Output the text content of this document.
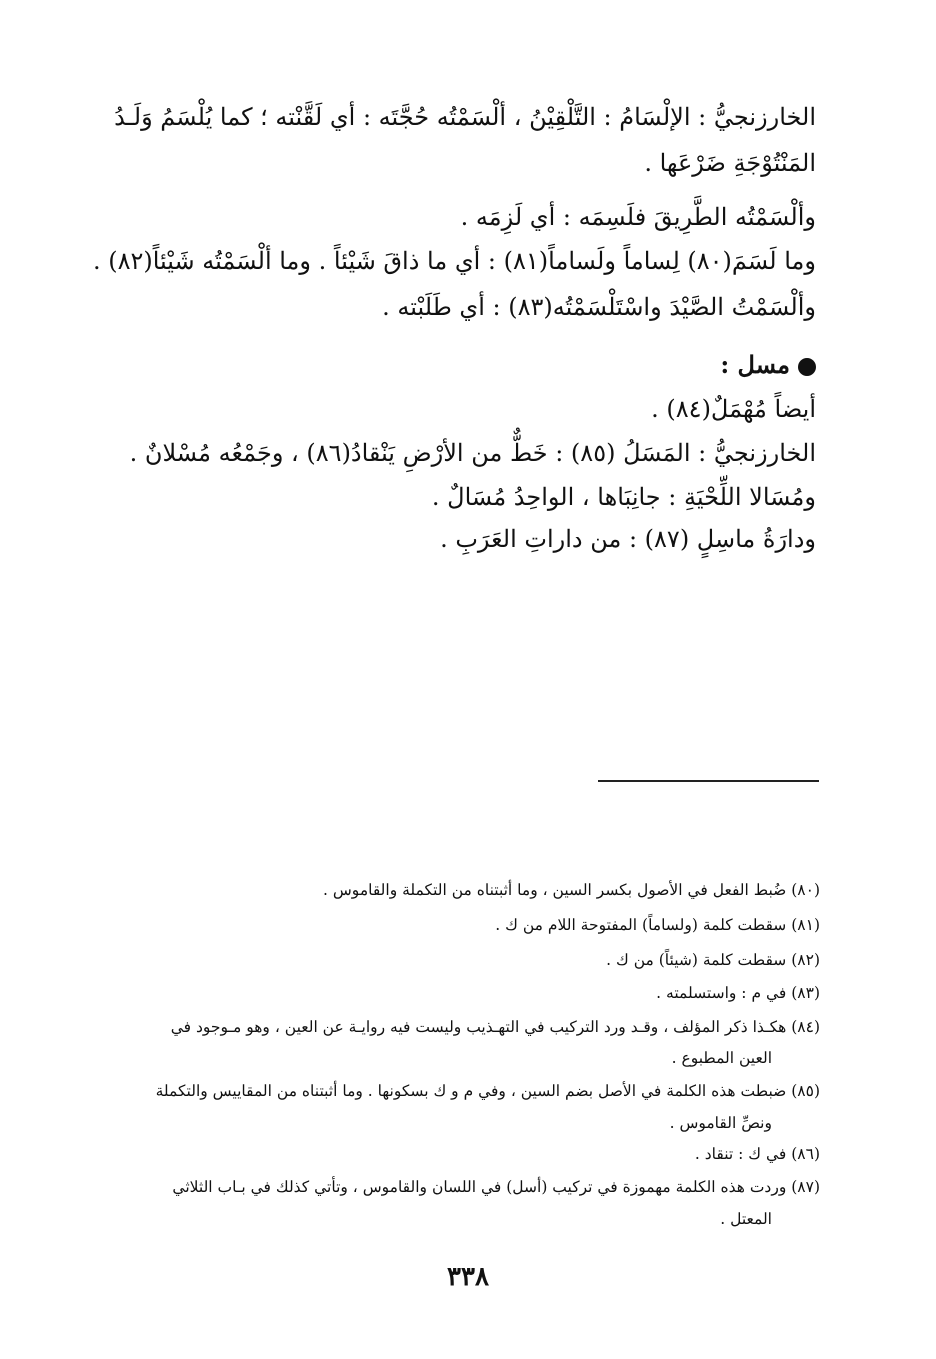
الخارزنجيُّ : الإلْسَامُ : التَّلْقِيْنُ ، ألْسَمْتُه حُجَّتَه : أي لَقَّنْته ؛ كما يُلْسَمُ وَلَـدُ
المَنْتُوْجَةِ ضَرْعَها .
وألْسَمْتُه الطَّرِيقَ فلَسِمَه : أي لَزِمَه .
وما لَسَمَ(٨٠) لِساماً ولَساماً(٨١) : أي ما ذاقَ شَيْئاً . وما ألْسَمْتُه شَيْئاً(٨٢) .
وألْسَمْتُ الصَّيْدَ واسْتَلْسَمْتُه(٨٣) : أي طَلَبْته .
مسل :
أيضاً مُهْمَلٌ(٨٤) .
الخارزنجيُّ : المَسَلُ (٨٥) : خَطٌّ من الأرْضِ يَنْقادُ(٨٦) ، وجَمْعُه مُسْلانٌ .
ومُسَالا اللِّحْيَةِ : جانِبَاها ، الواحِدُ مُسَالٌ .
ودارَةُ ماسِلٍ (٨٧) : من داراتِ العَرَبِ .
(٨٠) ضُبط الفعل في الأصول بكسر السين ، وما أثبتناه من التكملة والقاموس .
(٨١) سقطت كلمة (ولساماً) المفتوحة اللام من ك .
(٨٢) سقطت كلمة (شيئاً) من ك .
(٨٣) في م : واستسلمته .
(٨٤) هكـذا ذكر المؤلف ، وقـد ورد التركيب في التهـذيب وليست فيه روايـة عن العين ، وهو مـوجود في
العين المطبوع .
(٨٥) ضبطت هذه الكلمة في الأصل بضم السين ، وفي م و ك بسكونها . وما أثبتناه من المقاييس والتكملة
ونصِّ القاموس .
(٨٦) في ك : تنقاد .
(٨٧) وردت هذه الكلمة مهموزة في تركيب (أسل) في اللسان والقاموس ، وتأتي كذلك في بـاب الثلاثي
المعتل .
٣٣٨
